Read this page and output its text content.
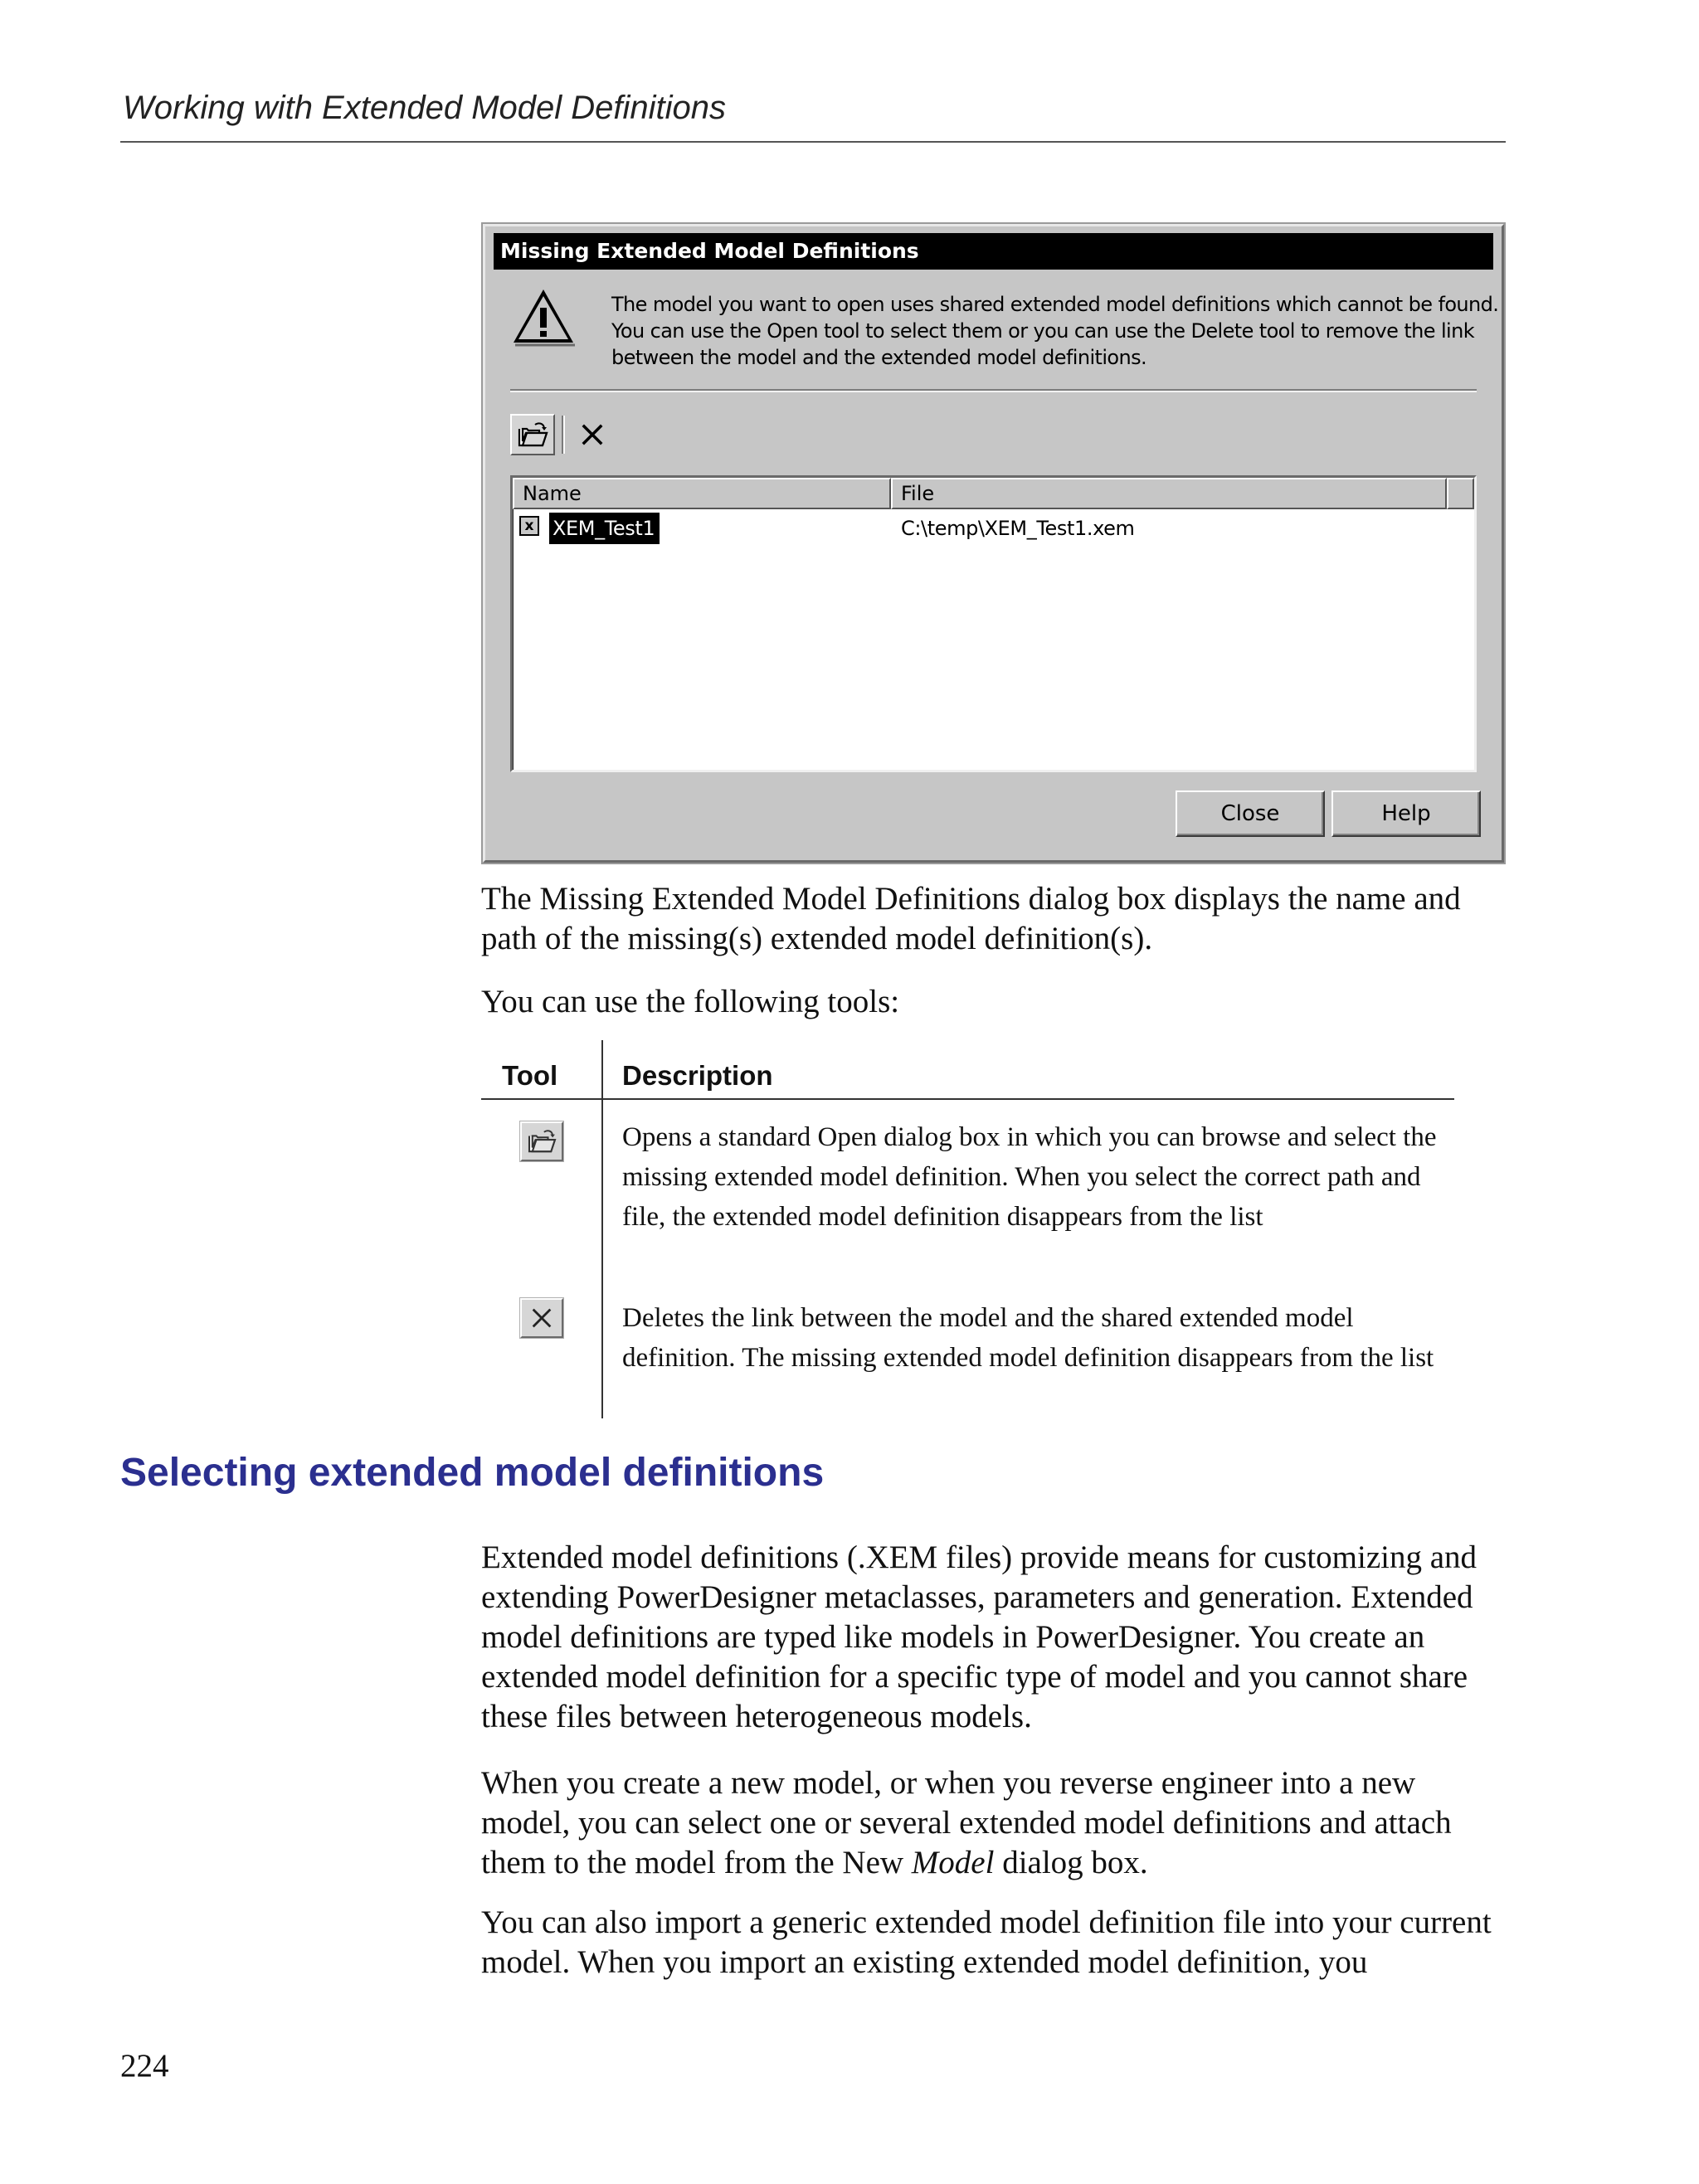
Working with Extended Model Definitions
Missing Extended Model Definitions
The model you want to open uses shared extended model definitions which cannot be found.
You can use the Open tool to select them or you can use the Delete tool to remove the link
between the model and the extended model definitions.
Name	File
x XEM_Test1	C:\temp\XEM_Test1.xem
Close	Help

The Missing Extended Model Definitions dialog box displays the name and path of the missing(s) extended model definition(s).

You can use the following tools:

Tool Description
Opens a standard Open dialog box in which you can browse and select the missing extended model definition. When you select the correct path and file, the extended model definition disappears from the list
Deletes the link between the model and the shared extended model definition. The missing extended model definition disappears from the list
Selecting extended model definitions

Extended model definitions (.XEM files) provide means for customizing and extending PowerDesigner metaclasses, parameters and generation. Extended model definitions are typed like models in PowerDesigner. You create an extended model definition for a specific type of model and you cannot share these files between heterogeneous models.

When you create a new model, or when you reverse engineer into a new model, you can select one or several extended model definitions and attach them to the model from the New Model dialog box.

You can also import a generic extended model definition file into your current model. When you import an existing extended model definition, you

224
